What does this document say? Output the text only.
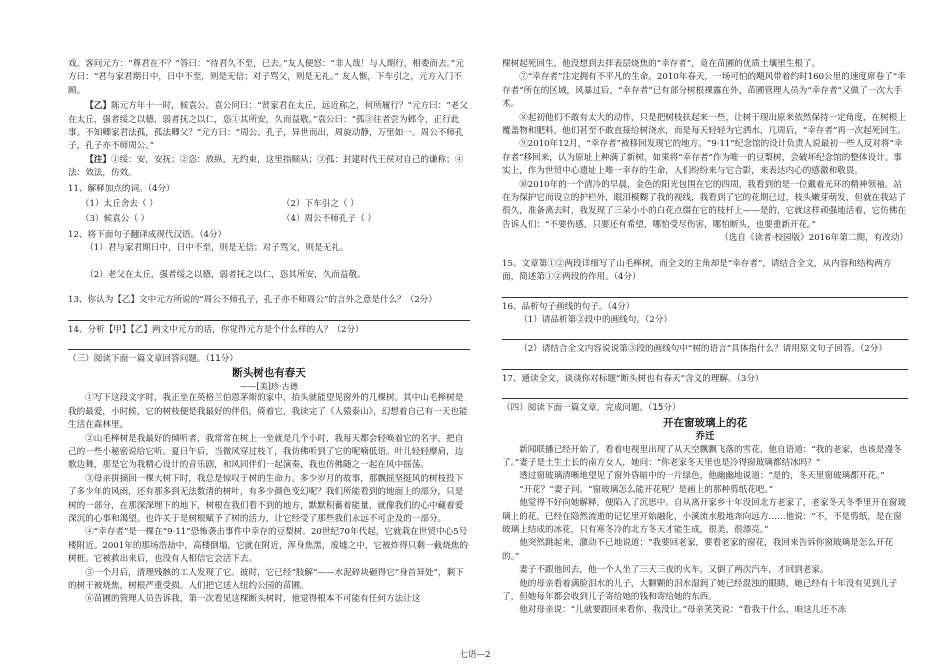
戏。客问元方：“尊君在不？”答曰：“待君久不至，已去。”友人便怒：“非人哉！与人期行，相委而去。”元方曰：“君与家君期日中，日中不至，则是无信；对子骂父，则是无礼。” 友人惭，下车引之，元方入门不顾。

【乙】陈元方年十一时，候袁公。袁公问曰：“贤家君在太丘，远近称之，何所履行？”元方曰：“老父在太丘，强者绥之以德，弱者抚之以仁，恣①其所安，久而益敬。”袁公曰：“孤③往者尝为邺令，正行此事。不知卿家君法孤，孤法卿父？”元方曰：“周公、孔子，异世而出，周旋动静，万里如一。周公不师孔子，孔子亦不师周公。”

【注】①绥：安，安抚；②恣：放纵，无约束，这里指顺从；③孤：封建时代王侯对自己的谦称；④法：效法，仿效。

11、解释加点的词。（4分）

（1）太丘舍去（ ）	（2）下车引之（ ）
（3）候袁公（ ）	（4）周公不师孔子（ ）

12、将下面句子翻译成现代汉语。（4分）

（1）君与家君期日中，日中不至，则是无信；对子骂父，则是无礼。

（2）老父在太丘，强者绥之以德，弱者抚之以仁，恣其所安，久而益敬。

13、你认为【乙】文中元方所说的“周公不师孔子，孔子亦不师周公”的言外之意是什么？（2分）

14、分析【甲】【乙】两文中元方的话，你觉得元方是个什么样的人？（2分）

（三）阅读下面一篇文章回答问题。（11分）

断头树也有春天

——[美]珍·古德

①写下这段文字时，我正坐在英格兰伯恩茅斯的家中，抬头就能望见窗外的几棵树。其中山毛榉树是我的最爱，小时候，它的树枝便是我最好的伴侣，倚着它，我读完了《人猿泰山》，幻想着自己有一天也能生活在森林里。

②山毛榉树是我最好的倾听者，我常常在树上一坐就是几个小时，我每天都会轻唤着它的名字，把自己的一些小秘密说给它听。夏日午后，当微风穿过枝丫，我仿佛听到了它的呢喃低语。叶儿轻轻摩肩，边歌边舞，那是它为我精心设计的音乐剧，和风同伴们一起演奏，我也仿佛随之一起在风中摇荡。

③母亲拼摘回一棵大树下时，我总是惊叹于树的生命力。多少岁月的故事，那飘摇坚挺风的树枝投下了多少年的风雨，还有那多到无法数清的树叶，有多少颜色变幻呢？我们所能看到的地面上的部分，只是树的一部分，在那深深埋下的地下，树根在我们看不到的地方，默默积蓄着能量，就像我们的心中藏着爱深沉的心事和渴望。也许关于是树根赋予了树的活力，让它经受了那些我们永远不可企及的一部分。

④“幸存者”是一棵在“9·11”恐怖袭击事件中幸存的豆梨树。20世纪70年代起，它就栽在世贸中心5号楼附近。2001年的那场浩劫中，高楼倒塌，它就在附近，浑身焦黑，废墟之中，它被炸得只剩一截烧焦的树桩。它被救出来后，也没有人相信它会活下去。

⑤一个月后，清理残骸的工人发现了它。彼时，它已经“肢解”——水泥碎块砸得它“身首异处”，剩下的树干被烧焦，树根严重受损。人们把它送入纽约公园的苗圃。

⑥苗圃的管理人员告诉我，第一次看见这棵断头树时，他觉得根本不可能有任何方法让这

棵树起死回生，他没想到去拌表层烧焦的“幸存者”，竟在苗圃的优质土壤里生根了。

⑦“幸存者”注定拥有不平凡的生命。2010年春天，一场可怕的飓风带着约时160公里的速度席卷了“幸存者”所在的区域，风暴过后，“幸存者”已有部分树根裸露在外，苗圃管理人员为“幸存者”又做了一次大手术。

⑧起初他们不敢有太大的动作，只是把树枝扶起来一些，让树干现出原来依然保持一定角度，在树根上覆盖物和肥料，他们甚至不敢直接给树浇水，而是每天轻轻为它洒水，几周后，“幸存者”再一次起死回生。

⑨2010年12月，“幸存者”被移回发现它的地方。“9·11”纪念馆的设计负责人说最初一些人反对将“幸存者”移回来，认为原址上种满了新树，如果将“幸存者”作为唯一的豆梨树，会破坏纪念馆的整体设计。事实上，作为世贸中心遗址上唯一幸存的生命，人们纷纷来与它合影，来表达内心的感激和敬畏。

⑩2010年的一个清冷的早晨，金色的阳光包围在它的四周，我看到的是一位戴着光环的精神领袖。站在为保护它而设立的护栏外，眼泪模糊了我的视线，我看到了它的花期已过，枝头嫩芽萌发，但就在我站了很久，准备离去时，我发现了三朵小小的白花点缀在它的枝杆上——是的，它就这样顽强地活着，它仿佛在告诉人们：“不要伤感，只要还有希望，哪怕受尽伤害，哪怕断头，也要重新开花。”

（选自《读者·校园版》2016年第二期，有改动）

15、文章第①②两段详细写了山毛榉树，而全文的主角却是“幸存者”，请结合全文，从内容和结构两方面，简述第①②两段的作用。（4分）

16、品析句子画线的句子。（4分）

（1）请品析第②段中的画线句。（2分）

（2）请结合全文内容说说第③段的画线句中“树的语言”具体指什么？请用原文句子回答。（2分）

17、通读全文，谈谈你对标题“断头树也有春天”含义的理解。（3分）

（四）阅读下面一篇文章，完成问题。（15分）

开在窗玻璃上的花

乔迁

新闻联播已经开始了，看着电视里出现了从天空飘飘飞落的雪花，他自语道：“我的老家，也该是漫冬了。”妻子是土生土长的南方女人，她问：“你老家冬天里也是冷得窗玻璃都结冰吗？”

透过窗玻璃清晰地望见了窗外昏暗中的一片绿色，他幽幽地说道：“是的，冬天里窗玻璃都开花。”

“开花？”妻子问。“窗玻璃怎么能开花呢？是画上的那种剪纸花吧。”

他觉得不好向她解释，便陷入了沉思中。自从离开家乡十年没回北方老家了，老家冬天冬季里开在窗玻璃上的花，已经在隐然流逝的记忆里开始融化，小溪流水般地奔向远方……他说：“不，不是剪纸，是在窗玻璃上结成的冰花，只有寒冬冷的北方冬天才能生成，很美，很漂亮。”

他突然跳起来，激动不已地说道：“我要回老家，要看老家的窗花，我回来告诉你窗玻璃是怎么开花的。”

妻子不跟他回去，他一个人坐了三天三夜的火车，又倒了两次汽车，才回到老家。

他的母亲看着满脸泪水的儿子，大颗颗的泪水湿润了她已经混浊的眼睛，她已经有十年没有见到儿子了，但她每年都会收到儿子寄给她的钱和寄给她的东西。

他对母亲说：“儿就要跟回来看你，我没让。”母亲笑笑说：“看我干什么，咱这儿还不冻

七语—2
